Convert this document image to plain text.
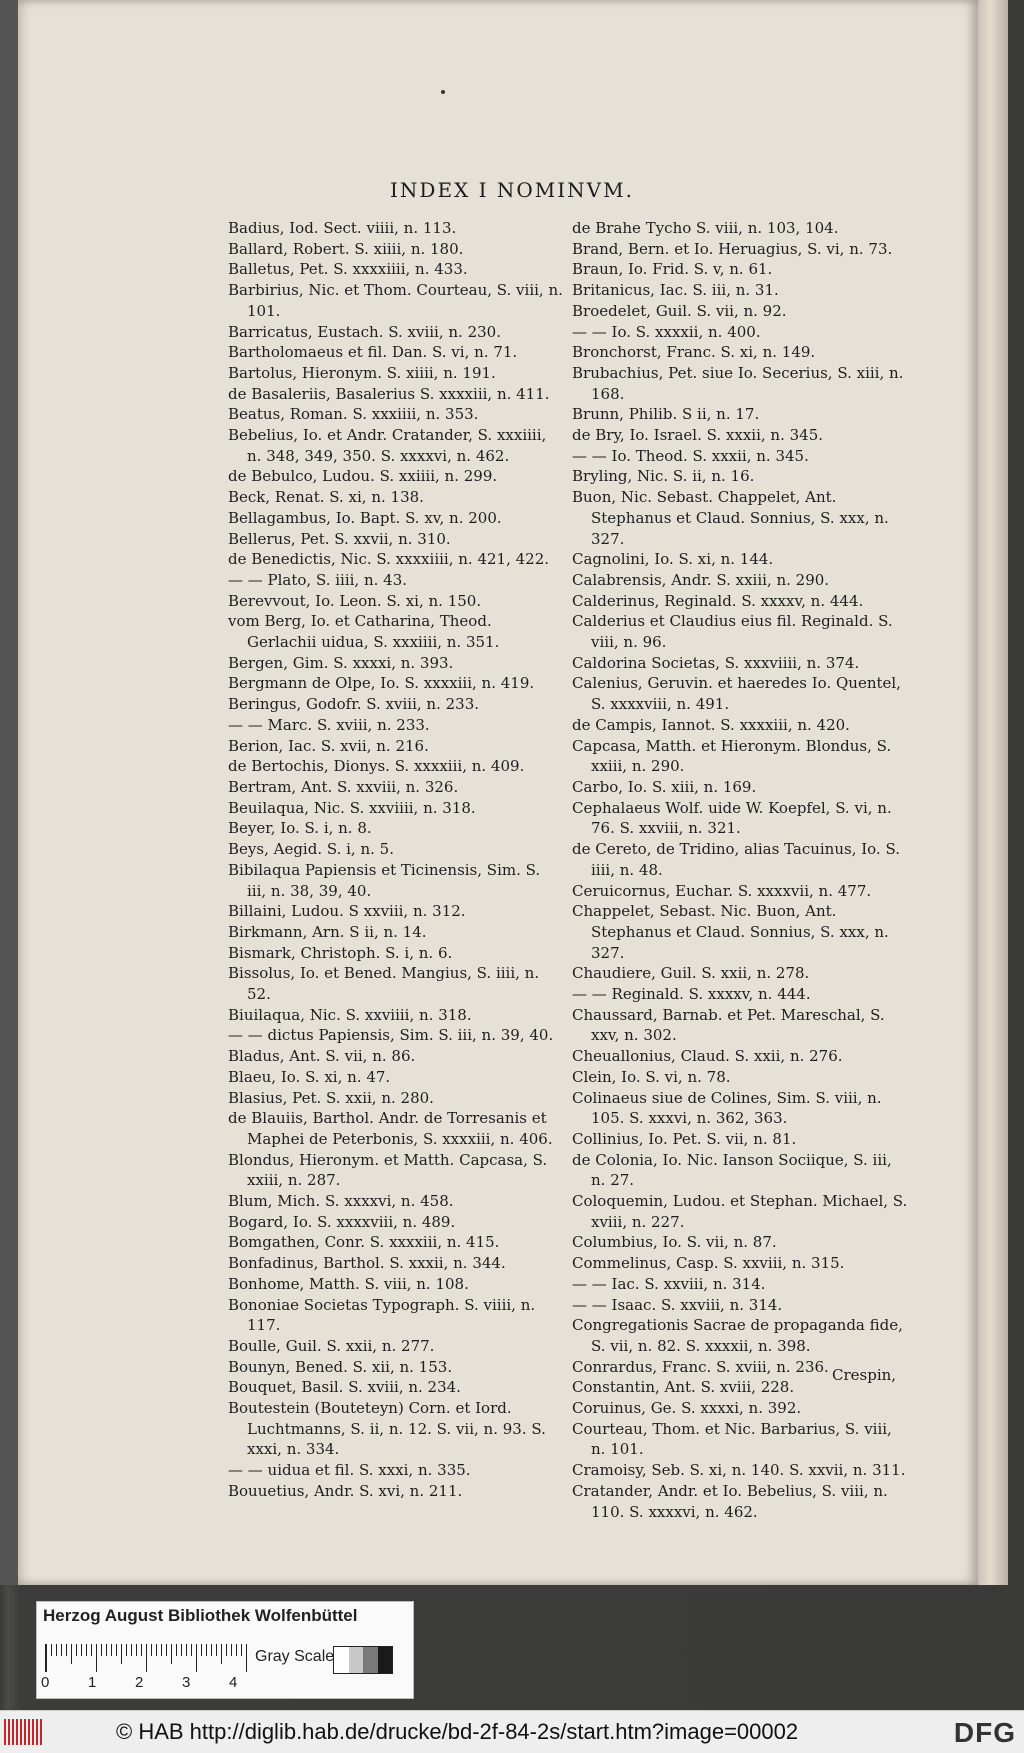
INDEX I NOMINVM.
Badius, Iod. Sect. viiii, n. 113.
Ballard, Robert. S. xiiii, n. 180.
Balletus, Pet. S. xxxxiiii, n. 433.
Barbirius, Nic. et Thom. Courteau, S. viii, n. 101.
Barricatus, Eustach. S. xviii, n. 230.
Bartholomaeus et fil. Dan. S. vi, n. 71.
Bartolus, Hieronym. S. xiiii, n. 191.
de Basaleriis, Basalerius S. xxxxiii, n. 411.
Beatus, Roman. S. xxxiiii, n. 353.
Bebelius, Io. et Andr. Cratander, S. xxxiiii, n. 348, 349, 350. S. xxxxvi, n. 462.
de Bebulco, Ludou. S. xxiiii, n. 299.
Beck, Renat. S. xi, n. 138.
Bellagambus, Io. Bapt. S. xv, n. 200.
Bellerus, Pet. S. xxvii, n. 310.
de Benedictis, Nic. S. xxxxiiii, n. 421, 422.
— — Plato, S. iiii, n. 43.
Berevvout, Io. Leon. S. xi, n. 150.
vom Berg, Io. et Catharina, Theod. Gerlachii uidua, S. xxxiiii, n. 351.
Bergen, Gim. S. xxxxi, n. 393.
Bergmann de Olpe, Io. S. xxxxiii, n. 419.
Beringus, Godofr. S. xviii, n. 233.
— — Marc. S. xviii, n. 233.
Berion, Iac. S. xvii, n. 216.
de Bertochis, Dionys. S. xxxxiii, n. 409.
Bertram, Ant. S. xxviii, n. 326.
Beuilaqua, Nic. S. xxviiii, n. 318.
Beyer, Io. S. i, n. 8.
Beys, Aegid. S. i, n. 5.
Bibilaqua Papiensis et Ticinensis, Sim. S. iii, n. 38, 39, 40.
Billaini, Ludou. S xxviii, n. 312.
Birkmann, Arn. S ii, n. 14.
Bismark, Christoph. S. i, n. 6.
Bissolus, Io. et Bened. Mangius, S. iiii, n. 52.
Biuilaqua, Nic. S. xxviiii, n. 318.
— — dictus Papiensis, Sim. S. iii, n. 39, 40.
Bladus, Ant. S. vii, n. 86.
Blaeu, Io. S. xi, n. 47.
Blasius, Pet. S. xxii, n. 280.
de Blauiis, Barthol. Andr. de Torresanis et Maphei de Peterbonis, S. xxxxiii, n. 406.
Blondus, Hieronym. et Matth. Capcasa, S. xxiii, n. 287.
Blum, Mich. S. xxxxvi, n. 458.
Bogard, Io. S. xxxxviii, n. 489.
Bomgathen, Conr. S. xxxxiii, n. 415.
Bonfadinus, Barthol. S. xxxii, n. 344.
Bonhome, Matth. S. viii, n. 108.
Bononiae Societas Typograph. S. viiii, n. 117.
Boulle, Guil. S. xxii, n. 277.
Bounyn, Bened. S. xii, n. 153.
Bouquet, Basil. S. xviii, n. 234.
Boutestein (Bouteteyn) Corn. et Iord. Luchtmanns, S. ii, n. 12. S. vii, n. 93. S. xxxi, n. 334.
— — uidua et fil. S. xxxi, n. 335.
Bouuetius, Andr. S. xvi, n. 211.
de Brahe Tycho S. viii, n. 103, 104.
Brand, Bern. et Io. Heruagius, S. vi, n. 73.
Braun, Io. Frid. S. v, n. 61.
Britanicus, Iac. S. iii, n. 31.
Broedelet, Guil. S. vii, n. 92.
— — Io. S. xxxxii, n. 400.
Bronchorst, Franc. S. xi, n. 149.
Brubachius, Pet. siue Io. Secerius, S. xiii, n. 168.
Brunn, Philib. S ii, n. 17.
de Bry, Io. Israel. S. xxxii, n. 345.
— — Io. Theod. S. xxxii, n. 345.
Bryling, Nic. S. ii, n. 16.
Buon, Nic. Sebast. Chappelet, Ant. Stephanus et Claud. Sonnius, S. xxx, n. 327.
Cagnolini, Io. S. xi, n. 144.
Calabrensis, Andr. S. xxiii, n. 290.
Calderinus, Reginald. S. xxxxv, n. 444.
Calderius et Claudius eius fil. Reginald. S. viii, n. 96.
Caldorina Societas, S. xxxviiii, n. 374.
Calenius, Geruvin. et haeredes Io. Quentel, S. xxxxviii, n. 491.
de Campis, Iannot. S. xxxxiii, n. 420.
Capcasa, Matth. et Hieronym. Blondus, S. xxiii, n. 290.
Carbo, Io. S. xiii, n. 169.
Cephalaeus Wolf. uide W. Koepfel, S. vi, n. 76. S. xxviii, n. 321.
de Cereto, de Tridino, alias Tacuinus, Io. S. iiii, n. 48.
Ceruicornus, Euchar. S. xxxxvii, n. 477.
Chappelet, Sebast. Nic. Buon, Ant. Stephanus et Claud. Sonnius, S. xxx, n. 327.
Chaudiere, Guil. S. xxii, n. 278.
— — Reginald. S. xxxxv, n. 444.
Chaussard, Barnab. et Pet. Mareschal, S. xxv, n. 302.
Cheuallonius, Claud. S. xxii, n. 276.
Clein, Io. S. vi, n. 78.
Colinaeus siue de Colines, Sim. S. viii, n. 105. S. xxxvi, n. 362, 363.
Collinius, Io. Pet. S. vii, n. 81.
de Colonia, Io. Nic. Ianson Sociique, S. iii, n. 27.
Coloquemin, Ludou. et Stephan. Michael, S. xviii, n. 227.
Columbius, Io. S. vii, n. 87.
Commelinus, Casp. S. xxviii, n. 315.
— — Iac. S. xxviii, n. 314.
— — Isaac. S. xxviii, n. 314.
Congregationis Sacrae de propaganda fide, S. vii, n. 82. S. xxxxii, n. 398.
Conrardus, Franc. S. xviii, n. 236.
Constantin, Ant. S. xviii, 228.
Coruinus, Ge. S. xxxxi, n. 392.
Courteau, Thom. et Nic. Barbarius, S. viii, n. 101.
Cramoisy, Seb. S. xi, n. 140. S. xxvii, n. 311.
Cratander, Andr. et Io. Bebelius, S. viii, n. 110. S. xxxxvi, n. 462.
Crespin,
Herzog August Bibliothek Wolfenbüttel
0	1	2	3	4
Gray Scale
© HAB http://diglib.hab.de/drucke/bd-2f-84-2s/start.htm?image=00002	DFG
